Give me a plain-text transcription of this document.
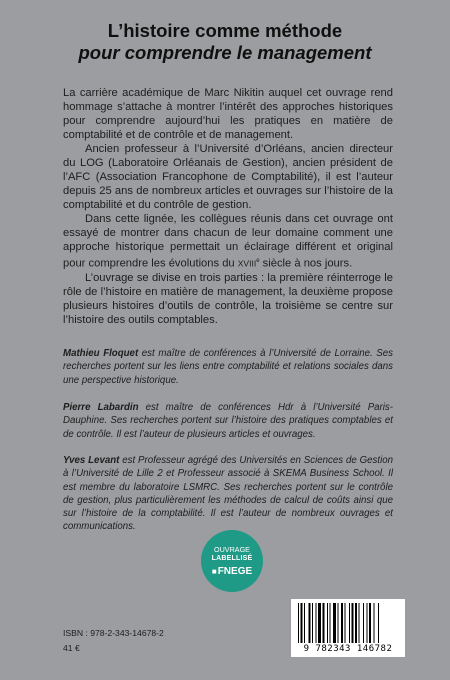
L’histoire comme méthode
pour comprendre le management

La carrière académique de Marc Nikitin auquel cet ouvrage rend hommage s’attache à montrer l’intérêt des approches historiques pour comprendre aujourd’hui les pratiques en matière de comptabilité et de contrôle et de management.

Ancien professeur à l’Université d’Orléans, ancien directeur du LOG (Laboratoire Orléanais de Gestion), ancien président de l’AFC (Association Francophone de Comptabilité), il est l’auteur depuis 25 ans de nombreux articles et ouvrages sur l’histoire de la comptabilité et du contrôle de gestion.

Dans cette lignée, les collègues réunis dans cet ouvrage ont essayé de montrer dans chacun de leur domaine comment une approche historique permettait un éclairage différent et original pour comprendre les évolutions du XVIIIe siècle à nos jours.

L’ouvrage se divise en trois parties : la première réinterroge le rôle de l’histoire en matière de management, la deuxième propose plusieurs histoires d’outils de contrôle, la troisième se centre sur l’histoire des outils comptables.

Mathieu Floquet est maître de conférences à l’Université de Lorraine. Ses recherches portent sur les liens entre comptabilité et relations sociales dans une perspective historique.

Pierre Labardin est maître de conférences Hdr à l’Université Paris-Dauphine. Ses recherches portent sur l’histoire des pratiques comptables et de contrôle. Il est l’auteur de plusieurs articles et ouvrages.

Yves Levant est Professeur agrégé des Universités en Sciences de Gestion à l’Université de Lille 2 et Professeur associé à SKEMA Business School. Il est membre du laboratoire LSMRC. Ses recherches portent sur le contrôle de gestion, plus particulièrement les méthodes de calcul de coûts ainsi que sur l’histoire de la comptabilité. Il est l’auteur de nombreux ouvrages et communications.

OUVRAGE
LABELLISÉ
■FNEGE
ISBN : 978-2-343-14678-2
41 €	9 782343 146782
